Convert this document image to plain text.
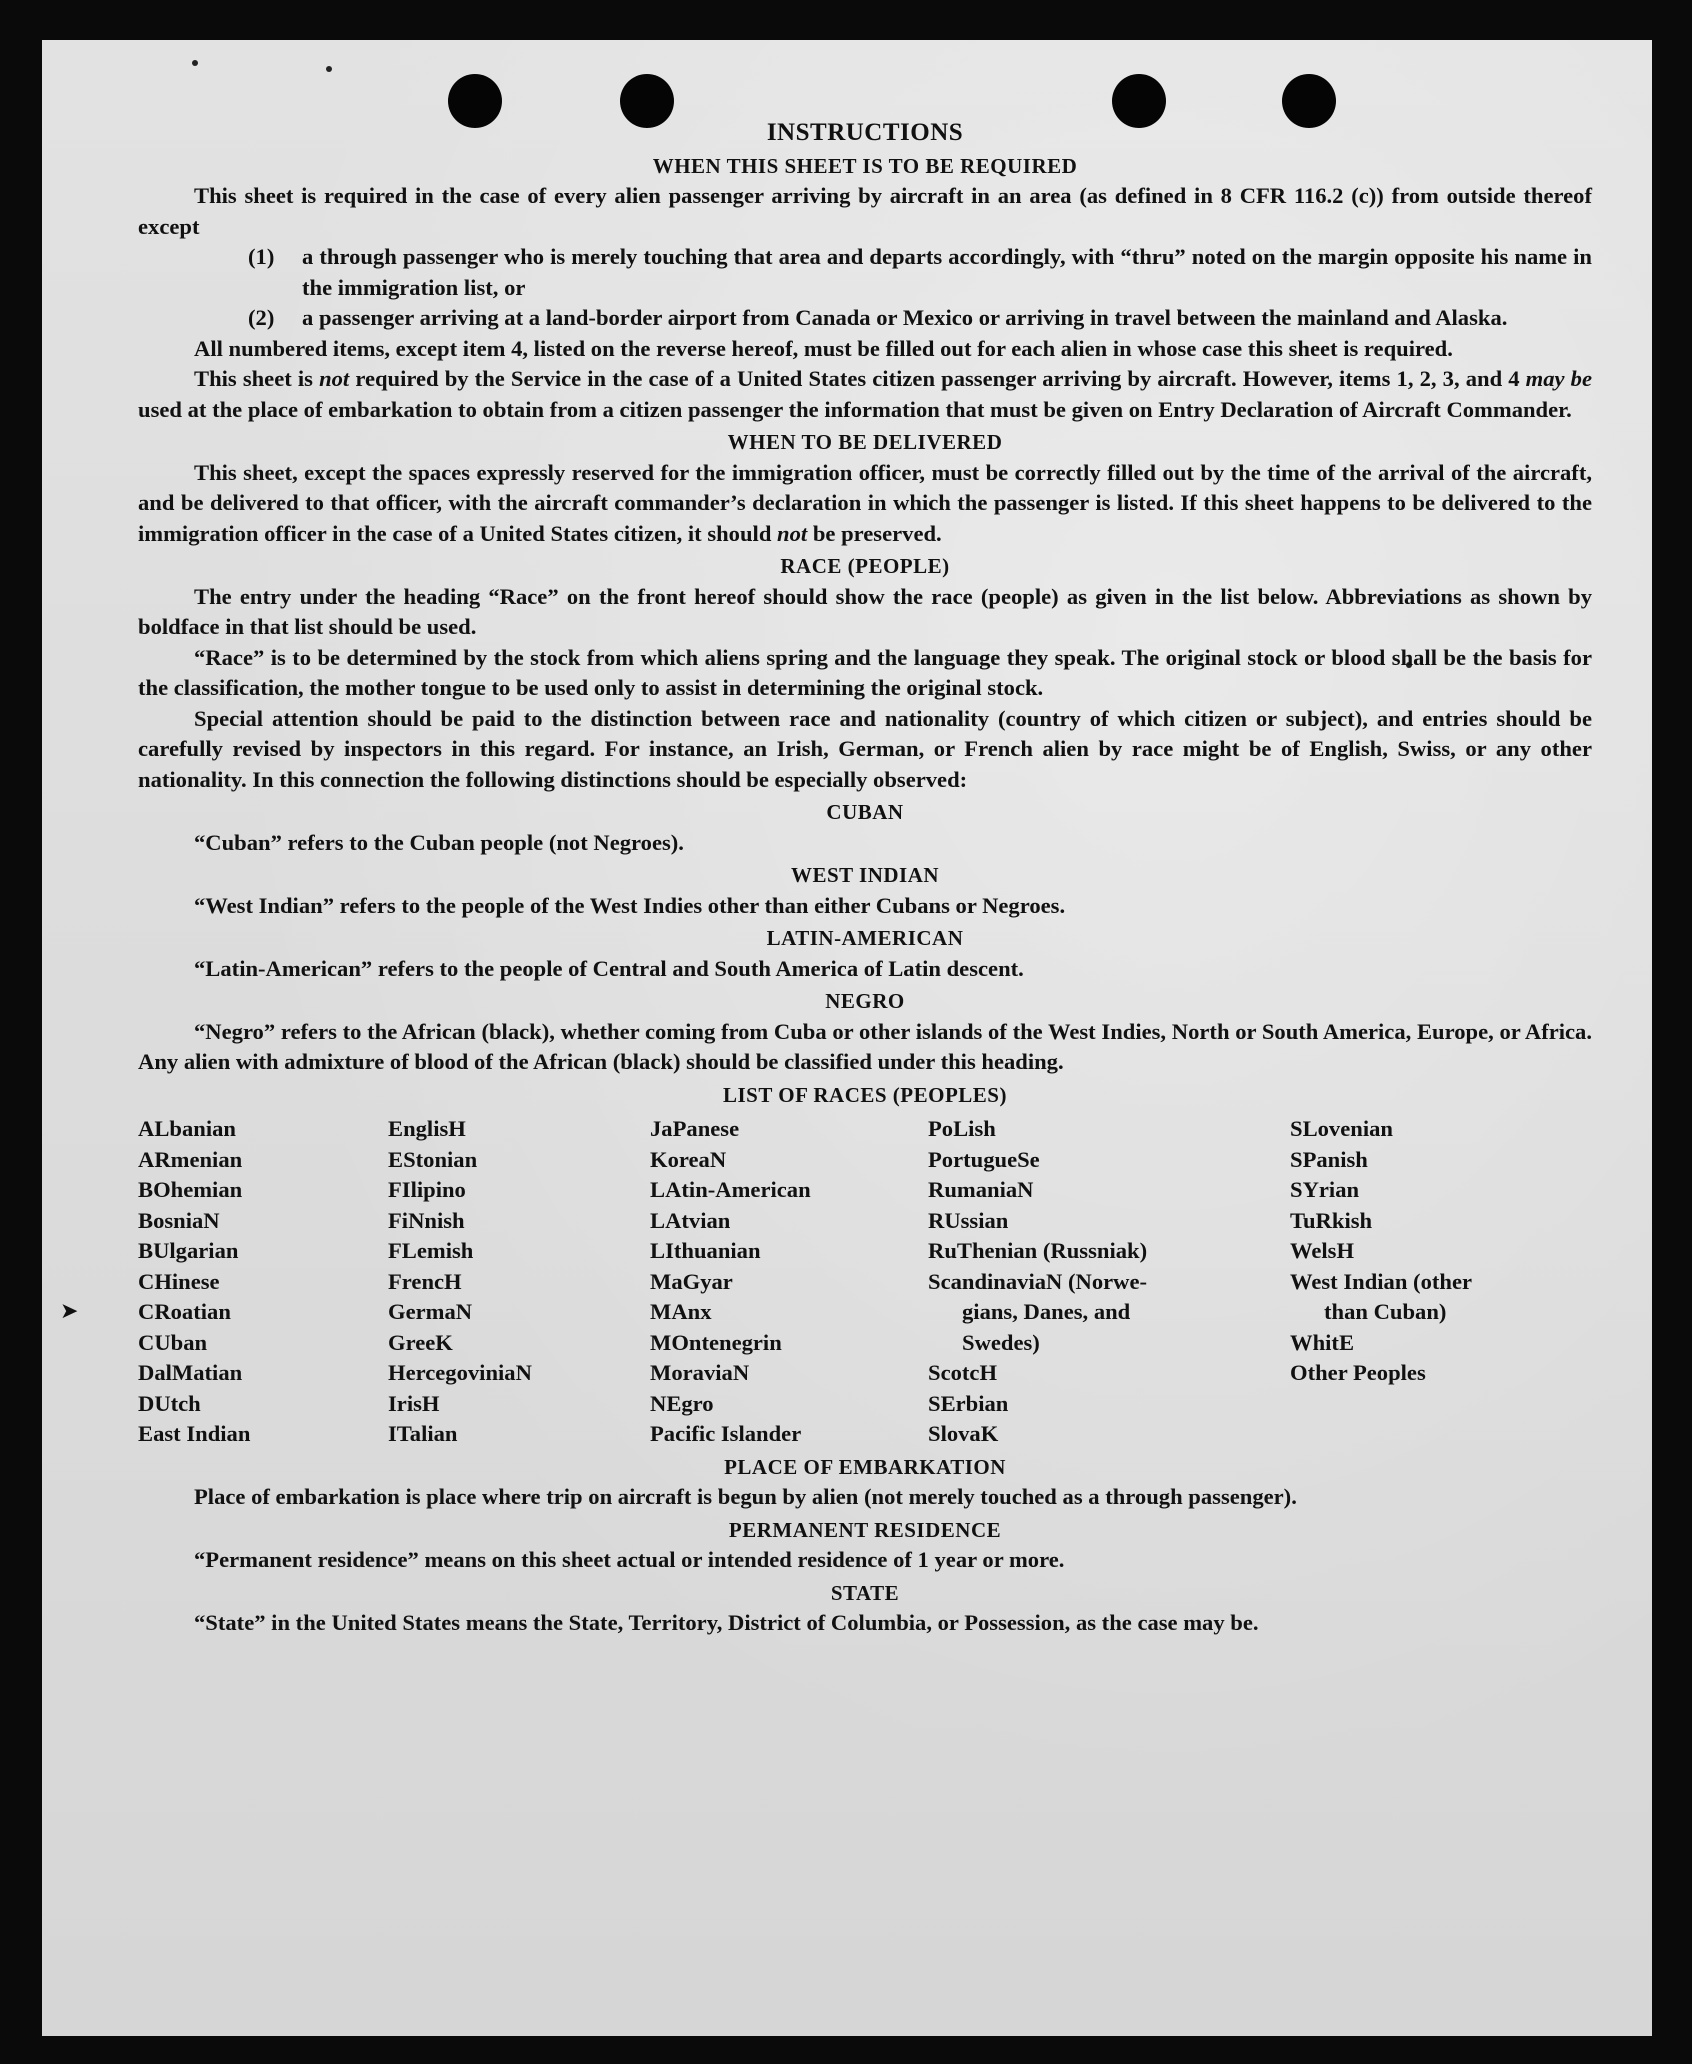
INSTRUCTIONS
WHEN THIS SHEET IS TO BE REQUIRED

This sheet is required in the case of every alien passenger arriving by aircraft in an area (as defined in 8 CFR 116.2 (c)) from outside thereof except

(1)	a through passenger who is merely touching that area and departs accordingly, with “thru” noted on the margin opposite his name in the immigration list, or
(2)	a passenger arriving at a land-border airport from Canada or Mexico or arriving in travel between the mainland and Alaska.

All numbered items, except item 4, listed on the reverse hereof, must be filled out for each alien in whose case this sheet is required.

This sheet is not required by the Service in the case of a United States citizen passenger arriving by aircraft. However, items 1, 2, 3, and 4 may be used at the place of embarkation to obtain from a citizen passenger the information that must be given on Entry Declaration of Aircraft Commander.

WHEN TO BE DELIVERED

This sheet, except the spaces expressly reserved for the immigration officer, must be correctly filled out by the time of the arrival of the aircraft, and be delivered to that officer, with the aircraft commander’s declaration in which the passenger is listed. If this sheet happens to be delivered to the immigration officer in the case of a United States citizen, it should not be preserved.

RACE (PEOPLE)

The entry under the heading “Race” on the front hereof should show the race (people) as given in the list below. Abbreviations as shown by boldface in that list should be used.

“Race” is to be determined by the stock from which aliens spring and the language they speak. The original stock or blood shall be the basis for the classification, the mother tongue to be used only to assist in determining the original stock.

Special attention should be paid to the distinction between race and nationality (country of which citizen or subject), and entries should be carefully revised by inspectors in this regard. For instance, an Irish, German, or French alien by race might be of English, Swiss, or any other nationality. In this connection the following distinctions should be especially observed:

CUBAN

“Cuban” refers to the Cuban people (not Negroes).

WEST INDIAN

“West Indian” refers to the people of the West Indies other than either Cubans or Negroes.

LATIN-AMERICAN

“Latin-American” refers to the people of Central and South America of Latin descent.

NEGRO

“Negro” refers to the African (black), whether coming from Cuba or other islands of the West Indies, North or South America, Europe, or Africa. Any alien with admixture of blood of the African (black) should be classified under this heading.

LIST OF RACES (PEOPLES)
ALbanian
ARmenian
BOhemian
BosniaN
BUlgarian
CHinese
CRoatian
CUban
DalMatian
DUtch
East Indian
EnglisH
EStonian
FIlipino
FiNnish
FLemish
FrencH
GermaN
GreeK
HercegoviniaN
IrisH
ITalian
JaPanese
KoreaN
LAtin-American
LAtvian
LIthuanian
MaGyar
MAnx
MOntenegrin
MoraviaN
NEgro
Pacific Islander
PoLish
PortugueSe
RumaniaN
RUssian
RuThenian (Russniak)
ScandinaviaN (Norwe-
gians, Danes, and
Swedes)
ScotcH
SErbian
SlovaK
SLovenian
SPanish
SYrian
TuRkish
WelsH
West Indian (other
than Cuban)
WhitE
Other Peoples
PLACE OF EMBARKATION

Place of embarkation is place where trip on aircraft is begun by alien (not merely touched as a through passenger).

PERMANENT RESIDENCE

“Permanent residence” means on this sheet actual or intended residence of 1 year or more.

STATE

“State” in the United States means the State, Territory, District of Columbia, or Possession, as the case may be.

➤
